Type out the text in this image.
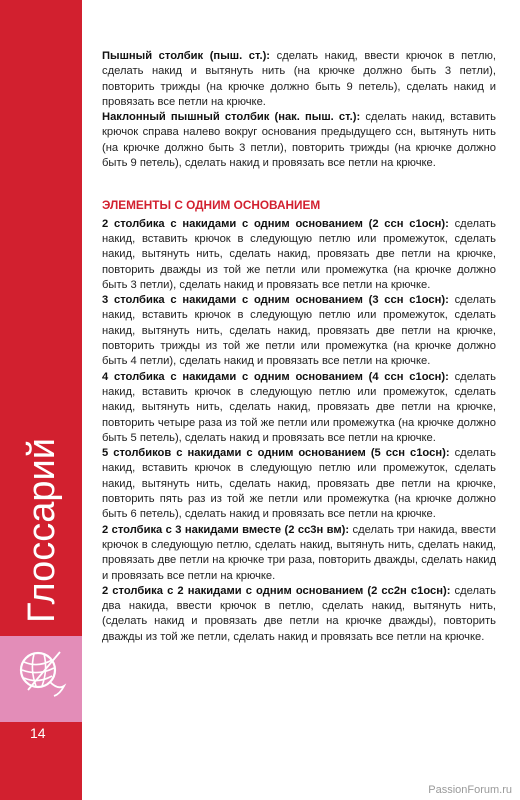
Глоссарий
14

Пышный столбик (пыш. ст.): сделать накид, ввести крючок в петлю, сделать накид и вытянуть нить (на крючке должно быть 3 петли), повторить трижды (на крючке должно быть 9 петель), сделать накид и провязать все петли на крючке.

Наклонный пышный столбик (нак. пыш. ст.): сделать накид, вставить крючок справа налево вокруг основания предыдущего ссн, вытянуть нить (на крючке должно быть 3 петли), повторить трижды (на крючке должно быть 9 петель), сделать накид и провязать все петли на крючке.

ЭЛЕМЕНТЫ С ОДНИМ ОСНОВАНИЕМ

2 столбика с накидами с одним основанием (2 ссн с1осн): сделать накид, вставить крючок в следующую петлю или промежуток, сделать накид, вытянуть нить, сделать накид, провязать две петли на крючке, повторить дважды из той же петли или промежутка (на крючке должно быть 3 петли), сделать накид и провязать все петли на крючке.

3 столбика с накидами с одним основанием (3 ссн с1осн): сделать накид, вставить крючок в следующую петлю или промежуток, сделать накид, вытянуть нить, сделать накид, провязать две петли на крючке, повторить трижды из той же петли или промежутка (на крючке должно быть 4 петли), сделать накид и провязать все петли на крючке.

4 столбика с накидами с одним основанием (4 ссн с1осн): сделать накид, вставить крючок в следующую петлю или промежуток, сделать накид, вытянуть нить, сделать накид, провязать две петли на крючке, повторить четыре раза из той же петли или промежутка (на крючке должно быть 5 петель), сделать накид и провязать все петли на крючке.

5 столбиков с накидами с одним основанием (5 ссн с1осн): сделать накид, вставить крючок в следующую петлю или промежуток, сделать накид, вытянуть нить, сделать накид, провязать две петли на крючке, повторить пять раз из той же петли или промежутка (на крючке должно быть 6 петель), сделать накид и провязать все петли на крючке.

2 столбика с 3 накидами вместе (2 сс3н вм): сделать три накида, ввести крючок в следующую петлю, сделать накид, вытянуть нить, сделать накид, провязать две петли на крючке три раза, повторить дважды, сделать накид и провязать все петли на крючке.

2 столбика с 2 накидами с одним основанием (2 сс2н с1осн): сделать два накида, ввести крючок в петлю, сделать накид, вытянуть нить, (сделать накид и провязать две петли на крючке дважды), повторить дважды из той же петли, сделать накид и провязать все петли на крючке.

PassionForum.ru
